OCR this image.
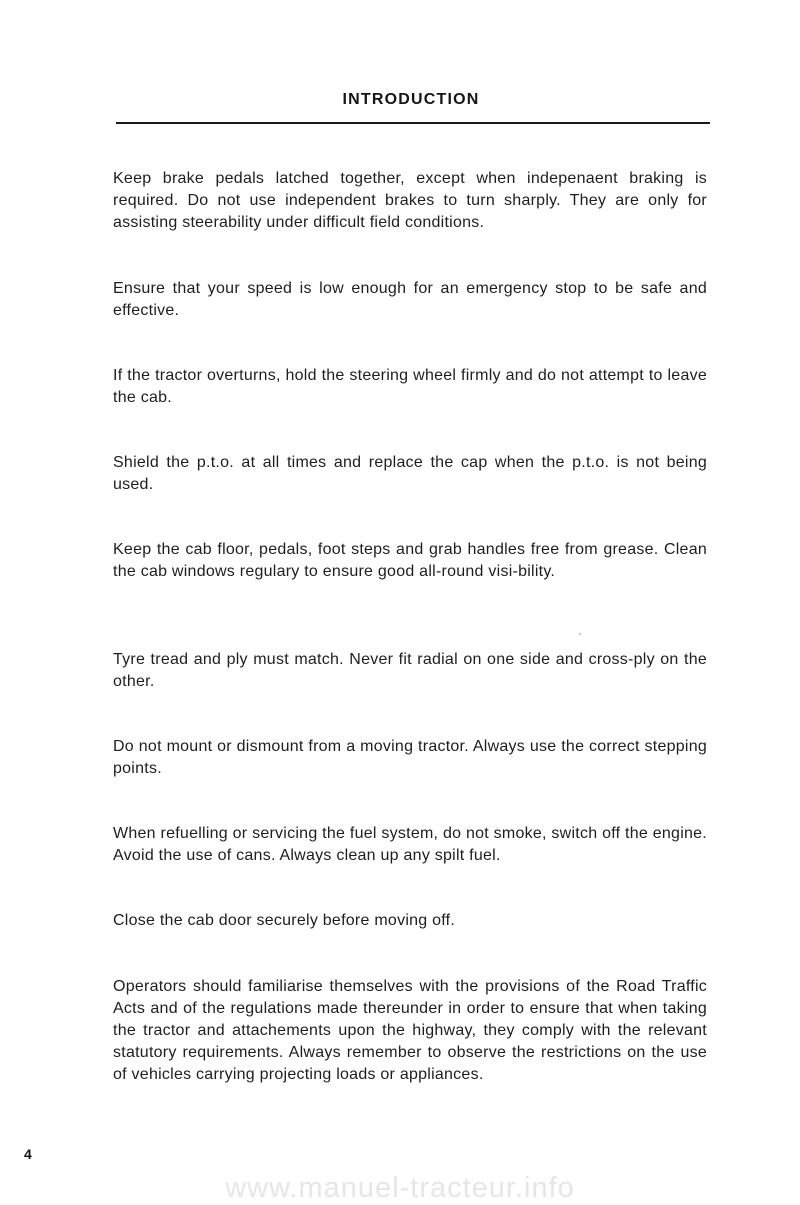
INTRODUCTION

Keep brake pedals latched together, except when indepenaent braking is required. Do not use independent brakes to turn sharply. They are only for assisting steerability under difficult field conditions.

Ensure that your speed is low enough for an emergency stop to be safe and effective.

If the tractor overturns, hold the steering wheel firmly and do not attempt to leave the cab.

Shield the p.t.o. at all times and replace the cap when the p.t.o. is not being used.

Keep the cab floor, pedals, foot steps and grab handles free from grease. Clean the cab windows regulary to ensure good all-round visi-bility.

Tyre tread and ply must match. Never fit radial on one side and cross-ply on the other.

Do not mount or dismount from a moving tractor. Always use the correct stepping points.

When refuelling or servicing the fuel system, do not smoke, switch off the engine. Avoid the use of cans. Always clean up any spilt fuel.

Close the cab door securely before moving off.

Operators should familiarise themselves with the provisions of the Road Traffic Acts and of the regulations made thereunder in order to ensure that when taking the tractor and attachements upon the highway, they comply with the relevant statutory requirements. Always remember to observe the restrictions on the use of vehicles carrying projecting loads or appliances.

4
www.manuel-tracteur.info
